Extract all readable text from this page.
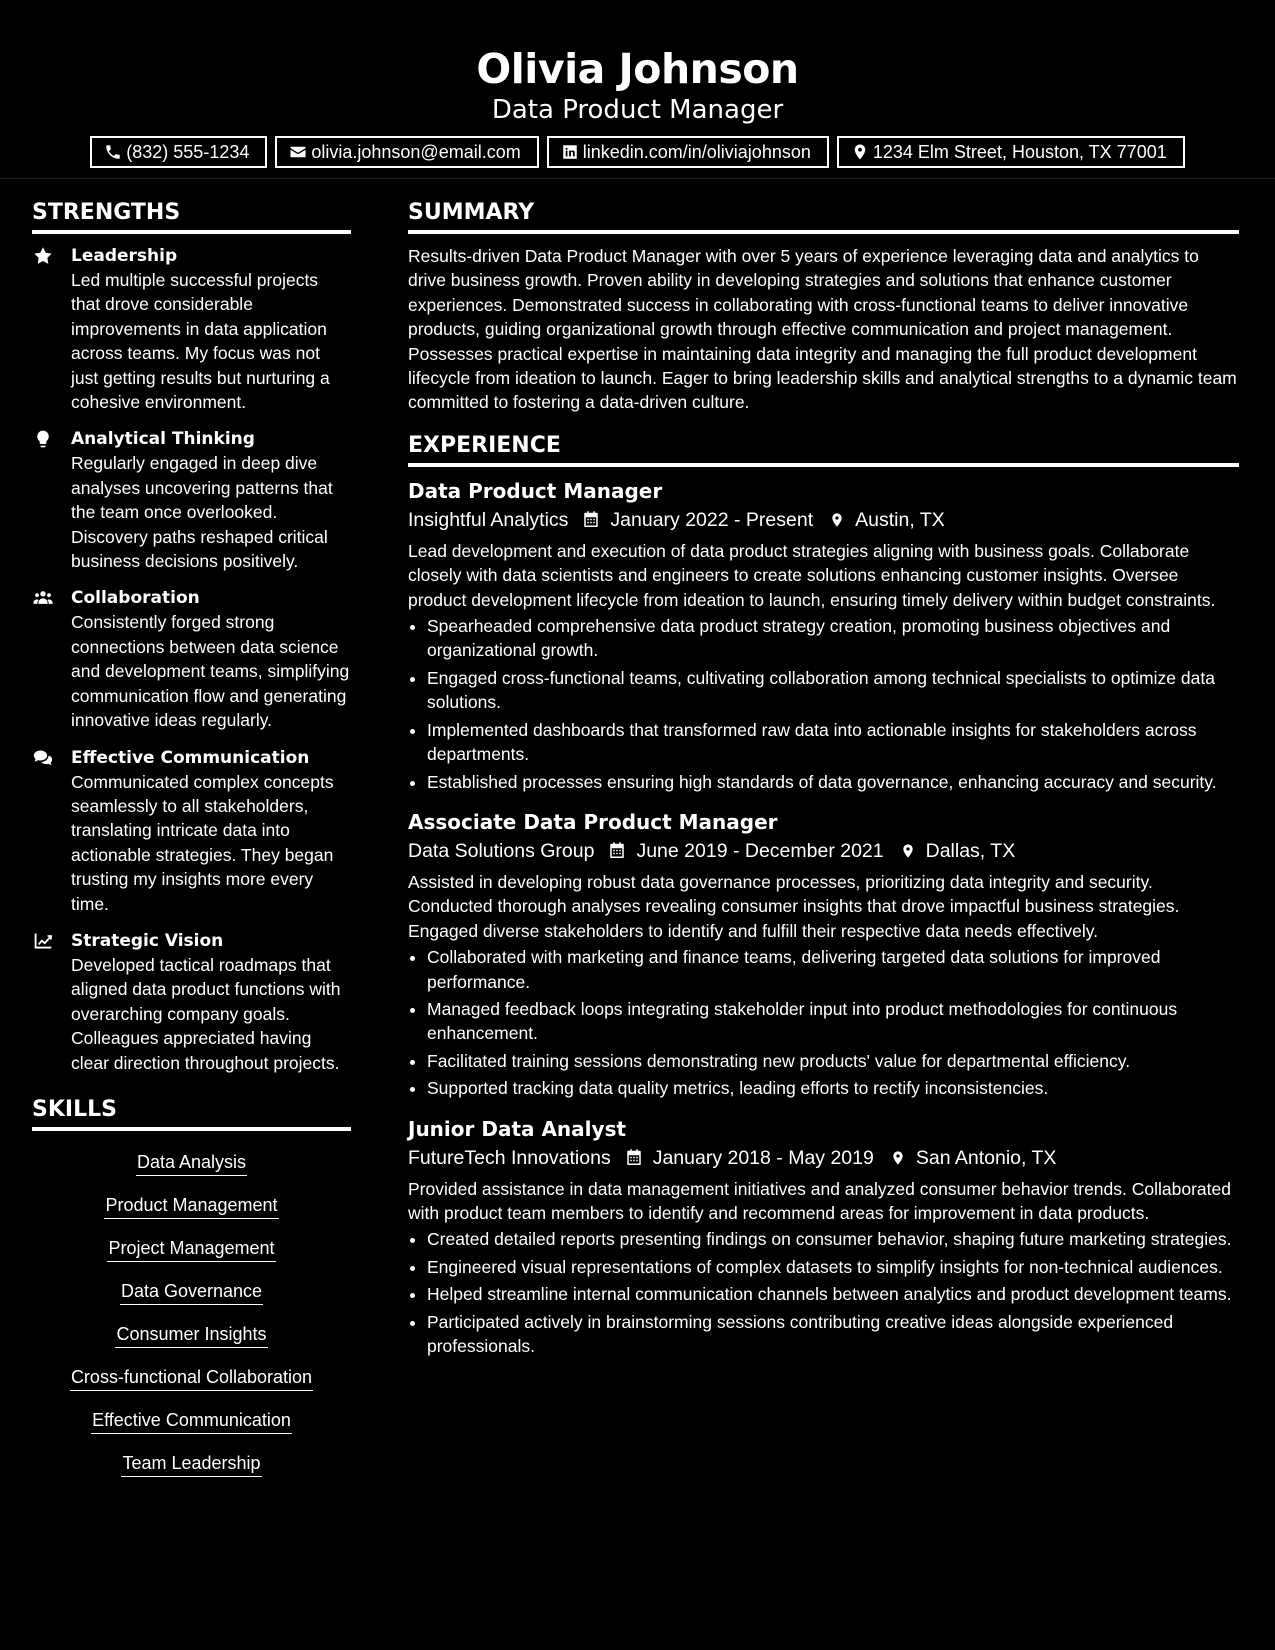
Olivia Johnson
Data Product Manager
(832) 555-1234	olivia.johnson@email.com	linkedin.com/in/oliviajohnson	1234 Elm Street, Houston, TX 77001
STRENGTHS
Leadership
Led multiple successful projects that drove considerable improvements in data application across teams. My focus was not just getting results but nurturing a cohesive environment.
Analytical Thinking
Regularly engaged in deep dive analyses uncovering patterns that the team once overlooked. Discovery paths reshaped critical business decisions positively.
Collaboration
Consistently forged strong connections between data science and development teams, simplifying communication flow and generating innovative ideas regularly.
Effective Communication
Communicated complex concepts seamlessly to all stakeholders, translating intricate data into actionable strategies. They began trusting my insights more every time.
Strategic Vision
Developed tactical roadmaps that aligned data product functions with overarching company goals. Colleagues appreciated having clear direction throughout projects.
SKILLS
Data Analysis
Product Management
Project Management
Data Governance
Consumer Insights
Cross-functional Collaboration
Effective Communication
Team Leadership
SUMMARY
Results-driven Data Product Manager with over 5 years of experience leveraging data and analytics to drive business growth. Proven ability in developing strategies and solutions that enhance customer experiences. Demonstrated success in collaborating with cross-functional teams to deliver innovative products, guiding organizational growth through effective communication and project management. Possesses practical expertise in maintaining data integrity and managing the full product development lifecycle from ideation to launch. Eager to bring leadership skills and analytical strengths to a dynamic team committed to fostering a data-driven culture.
EXPERIENCE
Data Product Manager
Insightful Analytics January 2022 - Present Austin, TX
Lead development and execution of data product strategies aligning with business goals. Collaborate closely with data scientists and engineers to create solutions enhancing customer insights. Oversee product development lifecycle from ideation to launch, ensuring timely delivery within budget constraints.
• Spearheaded comprehensive data product strategy creation, promoting business objectives and organizational growth.
• Engaged cross-functional teams, cultivating collaboration among technical specialists to optimize data solutions.
• Implemented dashboards that transformed raw data into actionable insights for stakeholders across departments.
• Established processes ensuring high standards of data governance, enhancing accuracy and security.
Associate Data Product Manager
Data Solutions Group June 2019 - December 2021 Dallas, TX
Assisted in developing robust data governance processes, prioritizing data integrity and security. Conducted thorough analyses revealing consumer insights that drove impactful business strategies. Engaged diverse stakeholders to identify and fulfill their respective data needs effectively.
• Collaborated with marketing and finance teams, delivering targeted data solutions for improved performance.
• Managed feedback loops integrating stakeholder input into product methodologies for continuous enhancement.
• Facilitated training sessions demonstrating new products' value for departmental efficiency.
• Supported tracking data quality metrics, leading efforts to rectify inconsistencies.
Junior Data Analyst
FutureTech Innovations January 2018 - May 2019 San Antonio, TX
Provided assistance in data management initiatives and analyzed consumer behavior trends. Collaborated with product team members to identify and recommend areas for improvement in data products.
• Created detailed reports presenting findings on consumer behavior, shaping future marketing strategies.
• Engineered visual representations of complex datasets to simplify insights for non-technical audiences.
• Helped streamline internal communication channels between analytics and product development teams.
• Participated actively in brainstorming sessions contributing creative ideas alongside experienced professionals.
